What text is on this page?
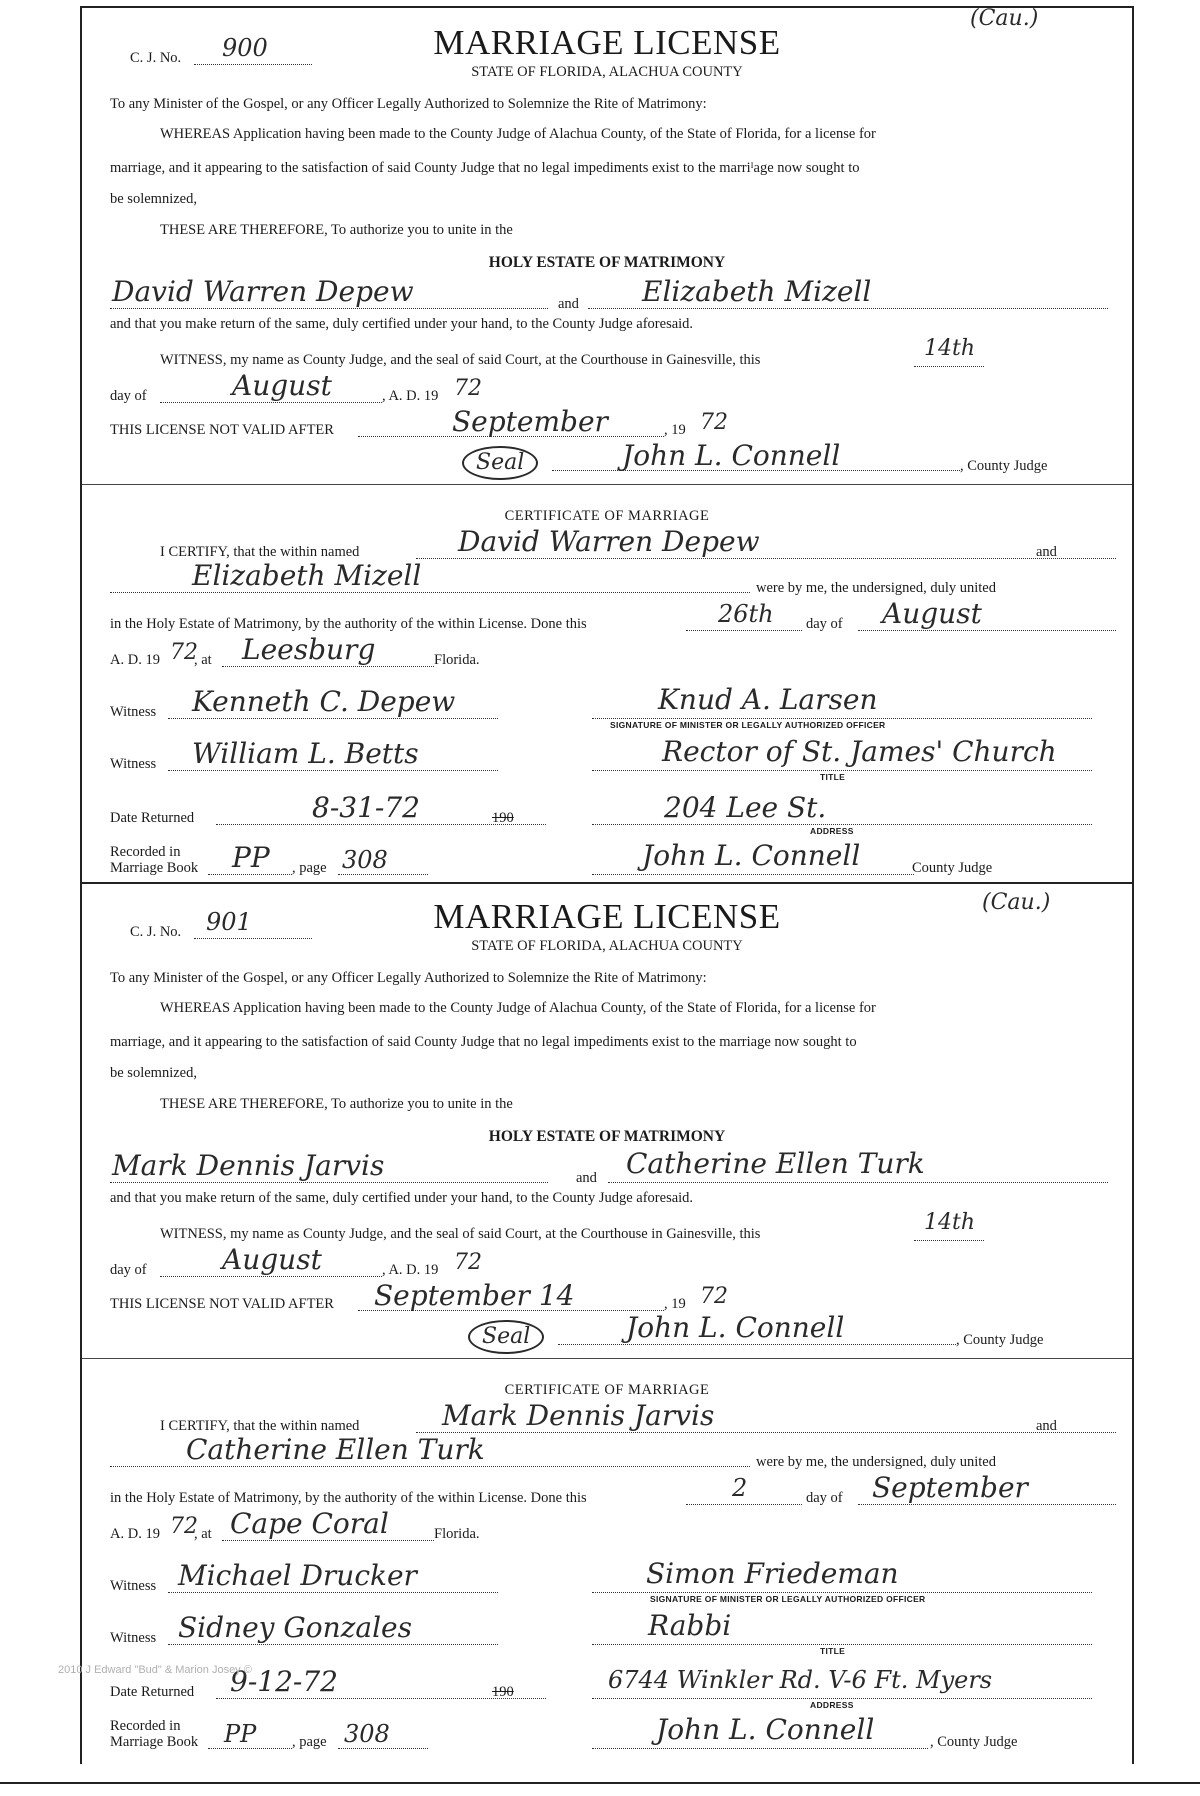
C. J. No. 900
(Cau.)
MARRIAGE LICENSE
STATE OF FLORIDA, ALACHUA COUNTY
To any Minister of the Gospel, or any Officer Legally Authorized to Solemnize the Rite of Matrimony:
WHEREAS Application having been made to the County Judge of Alachua County, of the State of Florida, for a license for
marriage, and it appearing to the satisfaction of said County Judge that no legal impediments exist to the marriᴵage now sought to
be solemnized,
THESE ARE THEREFORE, To authorize you to unite in the
HOLY ESTATE OF MATRIMONY
David Warren Depew	and Elizabeth Mizell
and that you make return of the same, duly certified under your hand, to the County Judge aforesaid.
WITNESS, my name as County Judge, and the seal of said Court, at the Courthouse in Gainesville, this	14th
day of	August	, A. D. 19 72
THIS LICENSE NOT VALID AFTER	September	, 19 72
Seal	John L. Connell	, County Judge
CERTIFICATE OF MARRIAGE
I CERTIFY, that the within named	David Warren Depew	and
Elizabeth Mizell	were by me, the undersigned, duly united
in the Holy Estate of Matrimony, by the authority of the within License. Done this	26th day of August
A. D. 19 72
, at Leesburg	Florida.
Witness Kenneth C. Depew	Knud A. Larsen
SIGNATURE OF MINISTER OR LEGALLY AUTHORIZED OFFICER
Witness William L. Betts	Rector of St. James' Church
TITLE
Date Returned	8-31-72	190	204 Lee St.
ADDRESS
Recorded in
Marriage Book PP , page 308	John L. Connell	County Judge
C. J. No. 901
(Cau.)
MARRIAGE LICENSE
STATE OF FLORIDA, ALACHUA COUNTY
To any Minister of the Gospel, or any Officer Legally Authorized to Solemnize the Rite of Matrimony:
WHEREAS Application having been made to the County Judge of Alachua County, of the State of Florida, for a license for
marriage, and it appearing to the satisfaction of said County Judge that no legal impediments exist to the marriage now sought to
be solemnized,
THESE ARE THEREFORE, To authorize you to unite in the
HOLY ESTATE OF MATRIMONY
Mark Dennis Jarvis	and Catherine Ellen Turk
and that you make return of the same, duly certified under your hand, to the County Judge aforesaid.
WITNESS, my name as County Judge, and the seal of said Court, at the Courthouse in Gainesville, this	14th
day of	August	, A. D. 19 72
THIS LICENSE NOT VALID AFTER September 14	, 19 72
Seal	John L. Connell	, County Judge
CERTIFICATE OF MARRIAGE
I CERTIFY, that the within named	Mark Dennis Jarvis	and
Catherine Ellen Turk	were by me, the undersigned, duly united
in the Holy Estate of Matrimony, by the authority of the within License. Done this	2	day of September
A. D. 19 72
, at Cape Coral	Florida.
Witness Michael Drucker	Simon Friedeman
SIGNATURE OF MINISTER OR LEGALLY AUTHORIZED OFFICER
Witness Sidney Gonzales	Rabbi
TITLE
Date Returned 9-12-72	190	6744 Winkler Rd. V-6 Ft. Myers
ADDRESS
Recorded in
Marriage Book PP , page 308	John L. Connell	, County Judge
2010 J Edward "Bud" & Marion Josey ©
